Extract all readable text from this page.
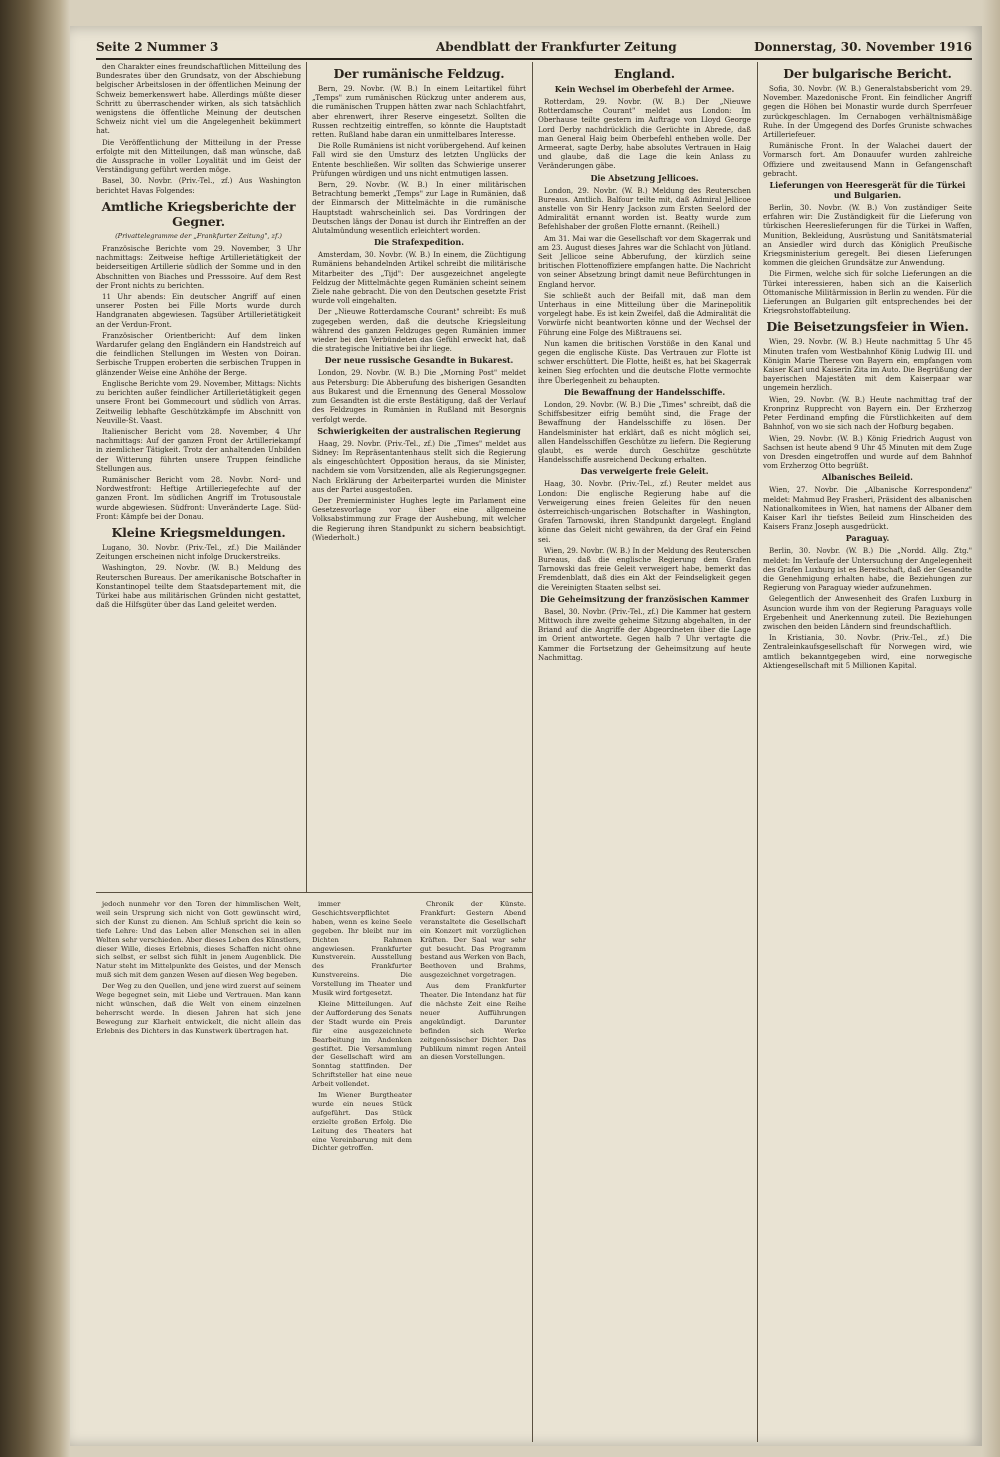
Seite 2 Nummer 3	Abendblatt der Frankfurter Zeitung	Donnerstag, 30. November 1916

den Charakter eines freundschaftlichen Mitteilung des Bundesrates über den Grundsatz, von der Abschiebung belgischer Arbeitslosen in der öffentlichen Meinung der Schweiz bemerkenswert habe. Allerdings müßte dieser Schritt zu überraschender wirken, als sich tatsächlich wenigstens die öffentliche Meinung der deutschen Schweiz nicht viel um die Angelegenheit bekümmert hat.

Die Veröffentlichung der Mitteilung in der Presse erfolgte mit den Mitteilungen, daß man wünsche, daß die Aussprache in voller Loyalität und im Geist der Verständigung geführt werden möge.

Basel, 30. Novbr. (Priv.-Tel., zf.) Aus Washington berichtet Havas Folgendes:

Amtliche Kriegsberichte der Gegner.
(Privattelegramme der „Frankfurter Zeitung", zf.)

Französische Berichte vom 29. November, 3 Uhr nachmittags: Zeitweise heftige Artillerietätigkeit der beiderseitigen Artillerie südlich der Somme und in den Abschnitten von Biaches und Presssoire. Auf dem Rest der Front nichts zu berichten.

11 Uhr abends: Ein deutscher Angriff auf einen unserer Posten bei Fille Morts wurde durch Handgranaten abgewiesen. Tagsüber Artillerietätigkeit an der Verdun-Front.

Französischer Orientbericht: Auf dem linken Wardarufer gelang den Engländern ein Handstreich auf die feindlichen Stellungen im Westen von Doiran. Serbische Truppen eroberten die serbischen Truppen in glänzender Weise eine Anhöhe der Berge.

Englische Berichte vom 29. November, Mittags: Nichts zu berichten außer feindlicher Artillerietätigkeit gegen unsere Front bei Gommecourt und südlich von Arras. Zeitweilig lebhafte Geschützkämpfe im Abschnitt von Neuville-St. Vaast.

Italienischer Bericht vom 28. November, 4 Uhr nachmittags: Auf der ganzen Front der Artilleriekampf in ziemlicher Tätigkeit. Trotz der anhaltenden Unbilden der Witterung führten unsere Truppen feindliche Stellungen aus.

Rumänischer Bericht vom 28. Novbr. Nord- und Nordwestfront: Heftige Artilleriegefechte auf der ganzen Front. Im südlichen Angriff im Trotusoustale wurde abgewiesen. Südfront: Unveränderte Lage. Süd-Front: Kämpfe bei der Donau.

Kleine Kriegsmeldungen.

Lugano, 30. Novbr. (Priv.-Tel., zf.) Die Mailänder Zeitungen erscheinen nicht infolge Druckerstreiks.

Washington, 29. Novbr. (W. B.) Meldung des Reuterschen Bureaus. Der amerikanische Botschafter in Konstantinopel teilte dem Staatsdepartement mit, die Türkei habe aus militärischen Gründen nicht gestattet, daß die Hilfsgüter über das Land geleitet werden.

Der rumänische Feldzug.

Bern, 29. Novbr. (W. B.) In einem Leitartikel führt „Temps" zum rumänischen Rückzug unter anderem aus, die rumänischen Truppen hätten zwar nach Schlachtfahrt, aber ehrenwert, ihrer Reserve eingesetzt. Sollten die Russen rechtzeitig eintreffen, so könnte die Hauptstadt retten. Rußland habe daran ein unmittelbares Interesse.

Die Rolle Rumäniens ist nicht vorübergehend. Auf keinen Fall wird sie den Umsturz des letzten Unglücks der Entente beschließen. Wir sollten das Schwierige unserer Prüfungen würdigen und uns nicht entmutigen lassen.

Bern, 29. Novbr. (W. B.) In einer militärischen Betrachtung bemerkt „Temps" zur Lage in Rumänien, daß der Einmarsch der Mittelmächte in die rumänische Hauptstadt wahrscheinlich sei. Das Vordringen der Deutschen längs der Donau ist durch ihr Eintreffen an der Alutalmündung wesentlich erleichtert worden.

Die Strafexpedition.

Amsterdam, 30. Novbr. (W. B.) In einem, die Züchtigung Rumäniens behandelnden Artikel schreibt die militärische Mitarbeiter des „Tijd": Der ausgezeichnet angelegte Feldzug der Mittelmächte gegen Rumänien scheint seinem Ziele nahe gebracht. Die von den Deutschen gesetzte Frist wurde voll eingehalten.

Der „Nieuwe Rotterdamsche Courant" schreibt: Es muß zugegeben werden, daß die deutsche Kriegsleitung während des ganzen Feldzuges gegen Rumänien immer wieder bei den Verbündeten das Gefühl erweckt hat, daß die strategische Initiative bei ihr liege.

Der neue russische Gesandte in Bukarest.

London, 29. Novbr. (W. B.) Die „Morning Post" meldet aus Petersburg: Die Abberufung des bisherigen Gesandten aus Bukarest und die Ernennung des General Mossolow zum Gesandten ist die erste Bestätigung, daß der Verlauf des Feldzuges in Rumänien in Rußland mit Besorgnis verfolgt werde.

Schwierigkeiten der australischen Regierung

Haag, 29. Novbr. (Priv.-Tel., zf.) Die „Times" meldet aus Sidney: Im Repräsentantenhaus stellt sich die Regierung als eingeschüchtert Opposition heraus, da sie Minister, nachdem sie vom Vorsitzenden, alle als Regierungsgegner. Nach Erklärung der Arbeiterpartei wurden die Minister aus der Partei ausgestoßen.

Der Premierminister Hughes legte im Parlament eine Gesetzesvorlage vor über eine allgemeine Volksabstimmung zur Frage der Aushebung, mit welcher die Regierung ihren Standpunkt zu sichern beabsichtigt. (Wiederholt.)

England.
Kein Wechsel im Oberbefehl der Armee.

Rotterdam, 29. Novbr. (W. B.) Der „Nieuwe Rotterdamsche Courant" meldet aus London: Im Oberhause teilte gestern im Auftrage von Lloyd George Lord Derby nachdrücklich die Gerüchte in Abrede, daß man General Haig beim Oberbefehl entheben wolle. Der Armeerat, sagte Derby, habe absolutes Vertrauen in Haig und glaube, daß die Lage die kein Anlass zu Veränderungen gäbe.

Die Absetzung Jellicoes.

London, 29. Novbr. (W. B.) Meldung des Reuterschen Bureaus. Amtlich. Balfour teilte mit, daß Admiral Jellicoe anstelle von Sir Henry Jackson zum Ersten Seelord der Admiralität ernannt worden ist. Beatty wurde zum Befehlshaber der großen Flotte ernannt. (Reihell.)

Am 31. Mai war die Gesellschaft vor dem Skagerrak und am 23. August dieses Jahres war die Schlacht von Jütland. Seit Jellicoe seine Abberufung, der kürzlich seine britischen Flottenoffiziere empfangen hatte. Die Nachricht von seiner Absetzung bringt damit neue Befürchtungen in England hervor.

Sie schließt auch der Beifall mit, daß man dem Unterhaus in eine Mitteilung über die Marinepolitik vorgelegt habe. Es ist kein Zweifel, daß die Admiralität die Vorwürfe nicht beantworten könne und der Wechsel der Führung eine Folge des Mißtrauens sei.

Nun kamen die britischen Vorstöße in den Kanal und gegen die englische Küste. Das Vertrauen zur Flotte ist schwer erschüttert. Die Flotte, heißt es, hat bei Skagerrak keinen Sieg erfochten und die deutsche Flotte vermochte ihre Überlegenheit zu behaupten.

Die Bewaffnung der Handelsschiffe.

London, 29. Novbr. (W. B.) Die „Times" schreibt, daß die Schiffsbesitzer eifrig bemüht sind, die Frage der Bewaffnung der Handelsschiffe zu lösen. Der Handelsminister hat erklärt, daß es nicht möglich sei, allen Handelsschiffen Geschütze zu liefern. Die Regierung glaubt, es werde durch Geschütze geschützte Handelsschiffe ausreichend Deckung erhalten.

Das verweigerte freie Geleit.

Haag, 30. Novbr. (Priv.-Tel., zf.) Reuter meldet aus London: Die englische Regierung habe auf die Verweigerung eines freien Geleites für den neuen österreichisch-ungarischen Botschafter in Washington, Grafen Tarnowski, ihren Standpunkt dargelegt. England könne das Geleit nicht gewähren, da der Graf ein Feind sei.

Wien, 29. Novbr. (W. B.) In der Meldung des Reuterschen Bureaus, daß die englische Regierung dem Grafen Tarnowski das freie Geleit verweigert habe, bemerkt das Fremdenblatt, daß dies ein Akt der Feindseligkeit gegen die Vereinigten Staaten selbst sei.

Die Geheimsitzung der französischen Kammer

Basel, 30. Novbr. (Priv.-Tel., zf.) Die Kammer hat gestern Mittwoch ihre zweite geheime Sitzung abgehalten, in der Briand auf die Angriffe der Abgeordneten über die Lage im Orient antwortete. Gegen halb 7 Uhr vertagte die Kammer die Fortsetzung der Geheimsitzung auf heute Nachmittag.

Der bulgarische Bericht.

Sofia, 30. Novbr. (W. B.) Generalstabsbericht vom 29. November. Mazedonische Front. Ein feindlicher Angriff gegen die Höhen bei Monastir wurde durch Sperrfeuer zurückgeschlagen. Im Cernabogen verhältnismäßige Ruhe. In der Umgegend des Dorfes Gruniste schwaches Artilleriefeuer.

Rumänische Front. In der Walachei dauert der Vormarsch fort. Am Donauufer wurden zahlreiche Offiziere und zweitausend Mann in Gefangenschaft gebracht.

Lieferungen von Heeresgerät für die Türkei und Bulgarien.

Berlin, 30. Novbr. (W. B.) Von zuständiger Seite erfahren wir: Die Zuständigkeit für die Lieferung von türkischen Heereslieferungen für die Türkei in Waffen, Munition, Bekleidung, Ausrüstung und Sanitätsmaterial an Ansiedler wird durch das Königlich Preußische Kriegsministerium geregelt. Bei diesen Lieferungen kommen die gleichen Grundsätze zur Anwendung.

Die Firmen, welche sich für solche Lieferungen an die Türkei interessieren, haben sich an die Kaiserlich Ottomanische Militärmission in Berlin zu wenden. Für die Lieferungen an Bulgarien gilt entsprechendes bei der Kriegsrohstoffabteilung.

Die Beisetzungsfeier in Wien.

Wien, 29. Novbr. (W. B.) Heute nachmittag 5 Uhr 45 Minuten trafen vom Westbahnhof König Ludwig III. und Königin Marie Therese von Bayern ein, empfangen vom Kaiser Karl und Kaiserin Zita im Auto. Die Begrüßung der bayerischen Majestäten mit dem Kaiserpaar war ungemein herzlich.

Wien, 29. Novbr. (W. B.) Heute nachmittag traf der Kronprinz Rupprecht von Bayern ein. Der Erzherzog Peter Ferdinand empfing die Fürstlichkeiten auf dem Bahnhof, von wo sie sich nach der Hofburg begaben.

Wien, 29. Novbr. (W. B.) König Friedrich August von Sachsen ist heute abend 9 Uhr 45 Minuten mit dem Zuge von Dresden eingetroffen und wurde auf dem Bahnhof vom Erzherzog Otto begrüßt.

Albanisches Beileid.

Wien, 27. Novbr. Die „Albanische Korrespondenz" meldet: Mahmud Bey Frasheri, Präsident des albanischen Nationalkomitees in Wien, hat namens der Albaner dem Kaiser Karl ihr tiefstes Beileid zum Hinscheiden des Kaisers Franz Joseph ausgedrückt.

Paraguay.

Berlin, 30. Novbr. (W. B.) Die „Nordd. Allg. Ztg." meldet: Im Verlaufe der Untersuchung der Angelegenheit des Grafen Luxburg ist es Bereitschaft, daß der Gesandte die Genehmigung erhalten habe, die Beziehungen zur Regierung von Paraguay wieder aufzunehmen.

Gelegentlich der Anwesenheit des Grafen Luxburg in Asuncion wurde ihm von der Regierung Paraguays volle Ergebenheit und Anerkennung zuteil. Die Beziehungen zwischen den beiden Ländern sind freundschaftlich.

In Kristiania, 30. Novbr. (Priv.-Tel., zf.) Die Zentraleinkaufsgesellschaft für Norwegen wird, wie amtlich bekanntgegeben wird, eine norwegische Aktiengesellschaft mit 5 Millionen Kapital.

jedoch nunmehr vor den Toren der himmlischen Welt, weil sein Ursprung sich nicht von Gott gewünscht wird, sich der Kunst zu dienen. Am Schluß spricht die kein so tiefe Lehre: Und das Leben aller Menschen sei in allen Welten sehr verschieden. Aber dieses Leben des Künstlers, dieser Wille, dieses Erlebnis, dieses Schaffen nicht ohne sich selbst, er selbst sich fühlt in jenem Augenblick. Die Natur steht im Mittelpunkte des Geistes, und der Mensch muß sich mit dem ganzen Wesen auf diesen Weg begeben.

Der Weg zu den Quellen, und jene wird zuerst auf seinem Wege begegnet sein, mit Liebe und Vertrauen. Man kann nicht wünschen, daß die Welt von einem einzelnen beherrscht werde. In diesen Jahren hat sich jene Bewegung zur Klarheit entwickelt, die nicht allein das Erlebnis des Dichters in das Kunstwerk übertragen hat.

immer Geschichtsverpflichtet haben, wenn es keine Seele gegeben. Ihr bleibt nur im Dichten Rahmen angewiesen. Frankfurter Kunstverein. Ausstellung des Frankfurter Kunstvereins. Die Vorstellung im Theater und Musik wird fortgesetzt.

Kleine Mitteilungen. Auf der Aufforderung des Senats der Stadt wurde ein Preis für eine ausgezeichnete Bearbeitung im Andenken gestiftet. Die Versammlung der Gesellschaft wird am Sonntag stattfinden. Der Schriftsteller hat eine neue Arbeit vollendet.

Im Wiener Burgtheater wurde ein neues Stück aufgeführt. Das Stück erzielte großen Erfolg. Die Leitung des Theaters hat eine Vereinbarung mit dem Dichter getroffen.

Chronik der Künste. Frankfurt: Gestern Abend veranstaltete die Gesellschaft ein Konzert mit vorzüglichen Kräften. Der Saal war sehr gut besucht. Das Programm bestand aus Werken von Bach, Beethoven und Brahms, ausgezeichnet vorgetragen.

Aus dem Frankfurter Theater. Die Intendanz hat für die nächste Zeit eine Reihe neuer Aufführungen angekündigt. Darunter befinden sich Werke zeitgenössischer Dichter. Das Publikum nimmt regen Anteil an diesen Vorstellungen.
